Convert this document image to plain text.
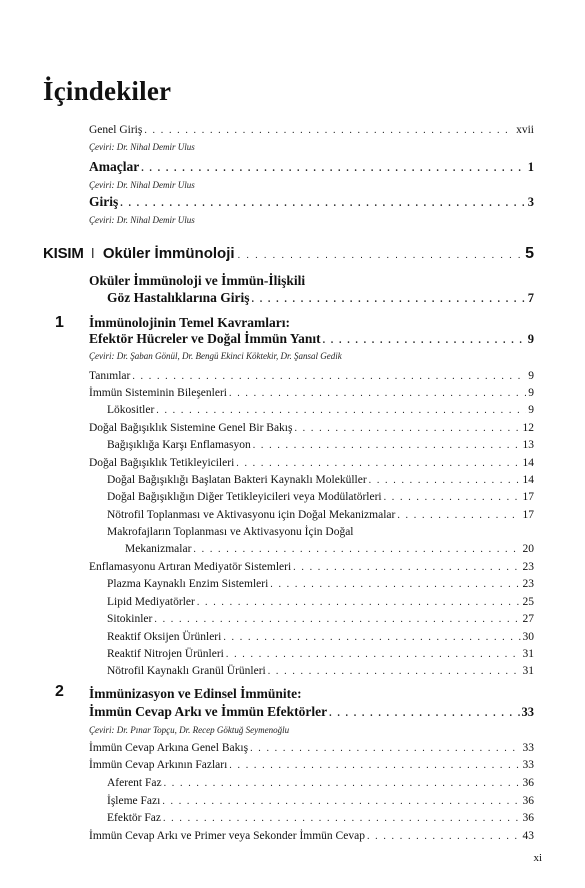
İçindekiler
Genel Giriş . . .	xvii
Çeviri: Dr. Nihal Demir Ulus
Amaçlar . . .	1
Çeviri: Dr. Nihal Demir Ulus
Giriş . . .	3
Çeviri: Dr. Nihal Demir Ulus
KISIM I Oküler İmmünoloji . . .	5
Oküler İmmünoloji ve İmmün-İlişkili
Göz Hastalıklarına Giriş . . .	7
1 İmmünolojinin Temel Kavramları:
Efektör Hücreler ve Doğal İmmün Yanıt . . .	9
Çeviri: Dr. Şaban Gönül, Dr. Bengü Ekinci Köktekir, Dr. Şansal Gedik
Tanımlar . . .	9
İmmün Sisteminin Bileşenleri . . .	9
Lökositler . . .	9
Doğal Bağışıklık Sistemine Genel Bir Bakış . . .	12
Bağışıklığa Karşı Enflamasyon . . .	13
Doğal Bağışıklık Tetikleyicileri . . .	14
Doğal Bağışıklığı Başlatan Bakteri Kaynaklı Moleküller . . .	14
Doğal Bağışıklığın Diğer Tetikleyicileri veya Modülatörleri . . .	17
Nötrofil Toplanması ve Aktivasyonu için Doğal Mekanizmalar . . .	17
Makrofajların Toplanması ve Aktivasyonu İçin Doğal
Mekanizmalar . . .	20
Enflamasyonu Artıran Mediyatör Sistemleri . . .	23
Plazma Kaynaklı Enzim Sistemleri . . .	23
Lipid Mediyatörler . . .	25
Sitokinler . . .	27
Reaktif Oksijen Ürünleri . . .	30
Reaktif Nitrojen Ürünleri . . .	31
Nötrofil Kaynaklı Granül Ürünleri . . .	31
2 İmmünizasyon ve Edinsel İmmünite:
İmmün Cevap Arkı ve İmmün Efektörler . . .	33
Çeviri: Dr. Pınar Topçu, Dr. Recep Göktuğ Seymenoğlu
İmmün Cevap Arkına Genel Bakış . . .	33
İmmün Cevap Arkının Fazları . . .	33
Aferent Faz . . .	36
İşleme Fazı . . .	36
Efektör Faz . . .	36
İmmün Cevap Arkı ve Primer veya Sekonder İmmün Cevap . . .	43
xi
